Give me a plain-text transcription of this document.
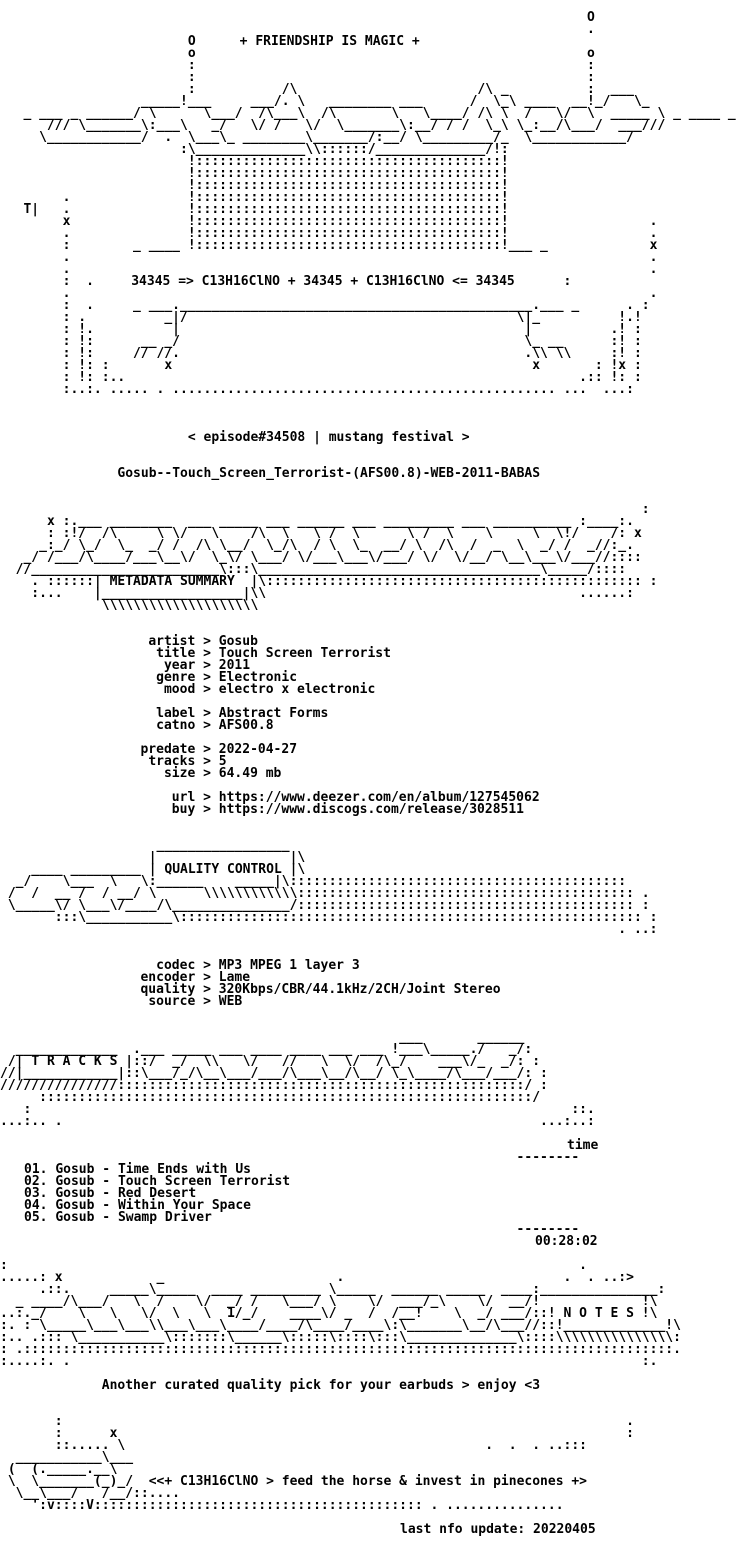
O
.
O	+ FRIENDSHIP IS MAGIC +
o                                                  o
:                                                  :
:                                                  :
:           /\                       /\ _          :  ___
_____!___     ___/. \   ________ ___      /  \_\ ____  __!_/   \_
_ ___ _ ______/ \      \___/  /\___\  /\       \   \____/ /\ \  /   \/  \  _____ \ _ ____ _
/// \_______\:___\   _/   \/ /   \/  \_______\:__/ / /  \_\ \_:__/\___/  ___///
\____________/  .  \___\_ ________\_______/:__/ \_________/_  \____________/
:\______________\\::::::/______________/!:
!:::::::::::::::::::::::::::::::::::::::!
!:::::::::::::::::::::::::::::::::::::::!
!:::::::::::::::::::::::::::::::::::::::!
.               !:::::::::::::::::::::::::::::::::::::::!
T|   .               !:::::::::::::::::::::::::::::::::::::::!
x               !:::::::::::::::::::::::::::::::::::::::!                  .
.               !:::::::::::::::::::::::::::::::::::::::!                  .
:        _ ____ !:::::::::::::::::::::::::::::::::::::::!___ _             x
.                                                                          .
.                                                                          .
:  .    34345 => C13H16ClNO + 34345 + C13H16ClNO <= 34345       :
.                                                                          .
:  .     _ ___._____________________________________________.___ _      . :
: .          _|/                                          \|_          !.!
: !.          |                                            |          .! :
: !:      __ _/                                            \_ __      :! :
: !:     // //.                                            .\\ \\     :! :
: !: :       x                                              x       : !x :
: !: :..                                                          .:: !: :
:..:. ..... . ................................................. ...  ...:
< episode#34508 | mustang festival >
Gosub--Touch_Screen_Terrorist-(AFS00.8)-WEB-2011-BABAS
:
x :.___ ________  ___ _____ ___ ______ ___ _________ ___ __________ :____:.
: :!/  /\     \ \/   \    /\  \   \ /  \      \ /  \    \     \  \!/    /: x
_:_/ \_/  \_  _/ /  /\ \__/  \_/\  / \  \_  __/ \  /\  /  _  \  _/ /  _//:_.
_/ /___/\____/___\__\/  \_\/ \___/ \/___\___\/___/ \/  \/__/ \__\___\/___//::::
//________________________\:::\____________________________________\_____/::::
. ::::::| METADATA SUMMARY  |\:::::::::::::::::::::::::::::::::::::::::::::::: :
:...    |__________________|\\                                        ......:
\\\\\\\\\\\\\\\\\\\\
artist > Gosub
title > Touch Screen Terrorist
year > 2011
genre > Electronic
mood > electro x electronic
label > Abstract Forms
catno > AFS00.8
predate > 2022-04-27
tracks > 5
size > 64.49 mb
url > https://www.deezer.com/en/album/127545062
buy > https://www.discogs.com/release/3028511
_________________
|                 |\
____ _________ | QUALITY CONTROL |\
_/    \___  \   \:______    _____|\:::::::::::::::::::::::::::::::::::::::::::
/  /  __ /  / __/ \      \\\\\\\\\\\\::::::::::::::::::::::::::::::::::::::::::: .
\_____\/ \___\/____/\_______________/::::::::::::::::::::::::::::::::::::::::::: :
:::\___________\::::::::::::::::::::::::::::::::::::::::::::::::::::::::::: :
. ..:
codec > MP3 MPEG 1 layer 3
encoder > Lame
quality > 320Kbps/CBR/44.1kHz/2CH/Joint Stereo
source > WEB
___       ______
_____________  .___ _____ ___ ____ ____ ___ ___ !___\_____./   _/:
/| T R A C K S |::/  _/  \\   \/   //   \  \/  /\_/    ___\/_  _/: :
//|____________|::\___/_/\__\___/___/\___\__/\__/ \_\____/\___/___/: :
///////////////::::::::::::::::::::::::::::::::::::::::::::::::::::/ :
:::::::::::::::::::::::::::::::::::::::::::::::::::::::::::::::/
:                                                                     ::.
...:.. .                                                             ...:..:
time
--------
01. Gosub - Time Ends with Us
02. Gosub - Touch Screen Terrorist
03. Gosub - Red Desert
04. Gosub - Within Your Space
05. Gosub - Swamp Driver
--------
00:28:02
:                                                                         .
.....: x            _                      .                            .  . ..:>
.::.     _____\_____  ____ _________ \_____  ______ _____  ____:_______________:
_ ____/\___/   \  /    \/  _/ /   \___/ \    \/  ___/_\    \/  __/!             !\
..:._/    \   \   \/  \   \  1/_/    ____\/ _  /  /__!    \  _/ ___/::! N O T E S !\
:. : \_____\___\___\\___\___\____/____/\____/____\:\_______\__/\___//::!_____________!\
:.. .::: \___________\:::::::\______\:::::\::::\:::\______________\::::\\\\\\\\\\\\\\\:
: .:::::::::::::::::::::::::::::::::::::::::::::::::::::::::::::::::::::::::::::::::::.
:....:. .                                                                         :.
Another curated quality pick for your earbuds > enjoy <3
:                                                                        .
:      x                                                                 :
::..... \                                              .  .  . ..:::
___________\___
\  \_______(_)_/  <<+ C13H16ClNO > feed the horse & invest in pinecones +>
(  (._____.__\
\__\___/   /__/::....
':v::::V:::::::::::::::::::::::::::::::::::::::::: . ...............
last nfo update: 20220405
